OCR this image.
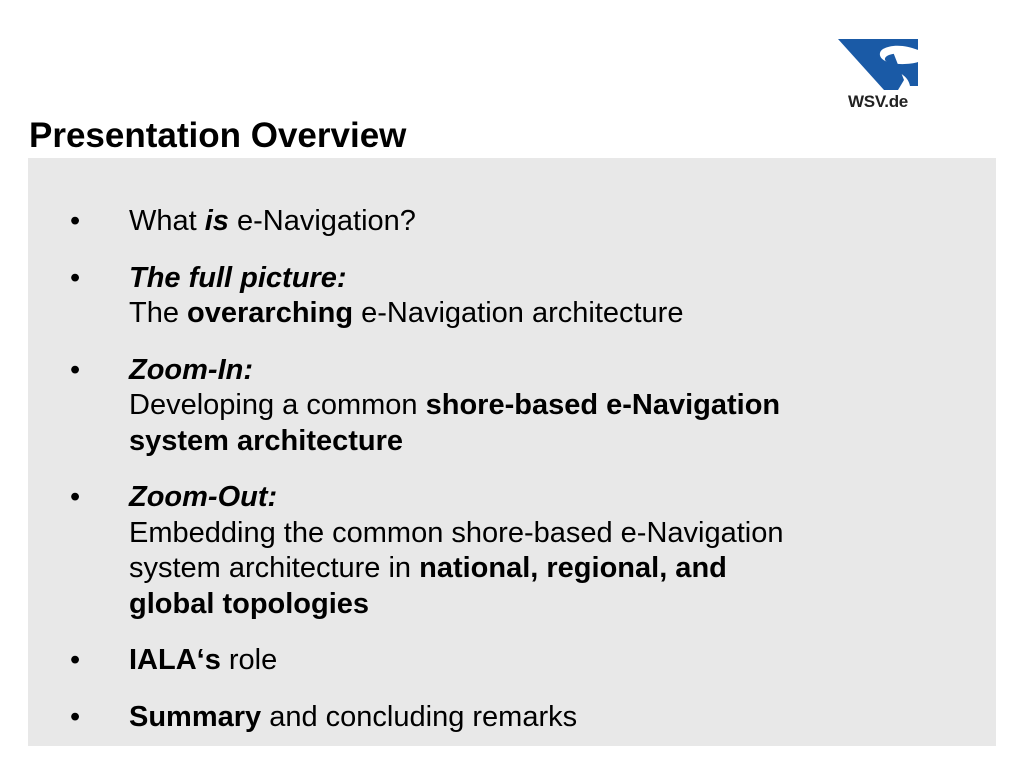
WSV.de
Presentation Overview
•	What is e-Navigation?
•	The full picture:
The overarching e-Navigation architecture
•	Zoom-In:
Developing a common shore-based e-Navigation
system architecture
•	Zoom-Out:
Embedding the common shore-based e-Navigation
system architecture in national, regional, and
global topologies
•	IALA‘s role
•	Summary and concluding remarks
